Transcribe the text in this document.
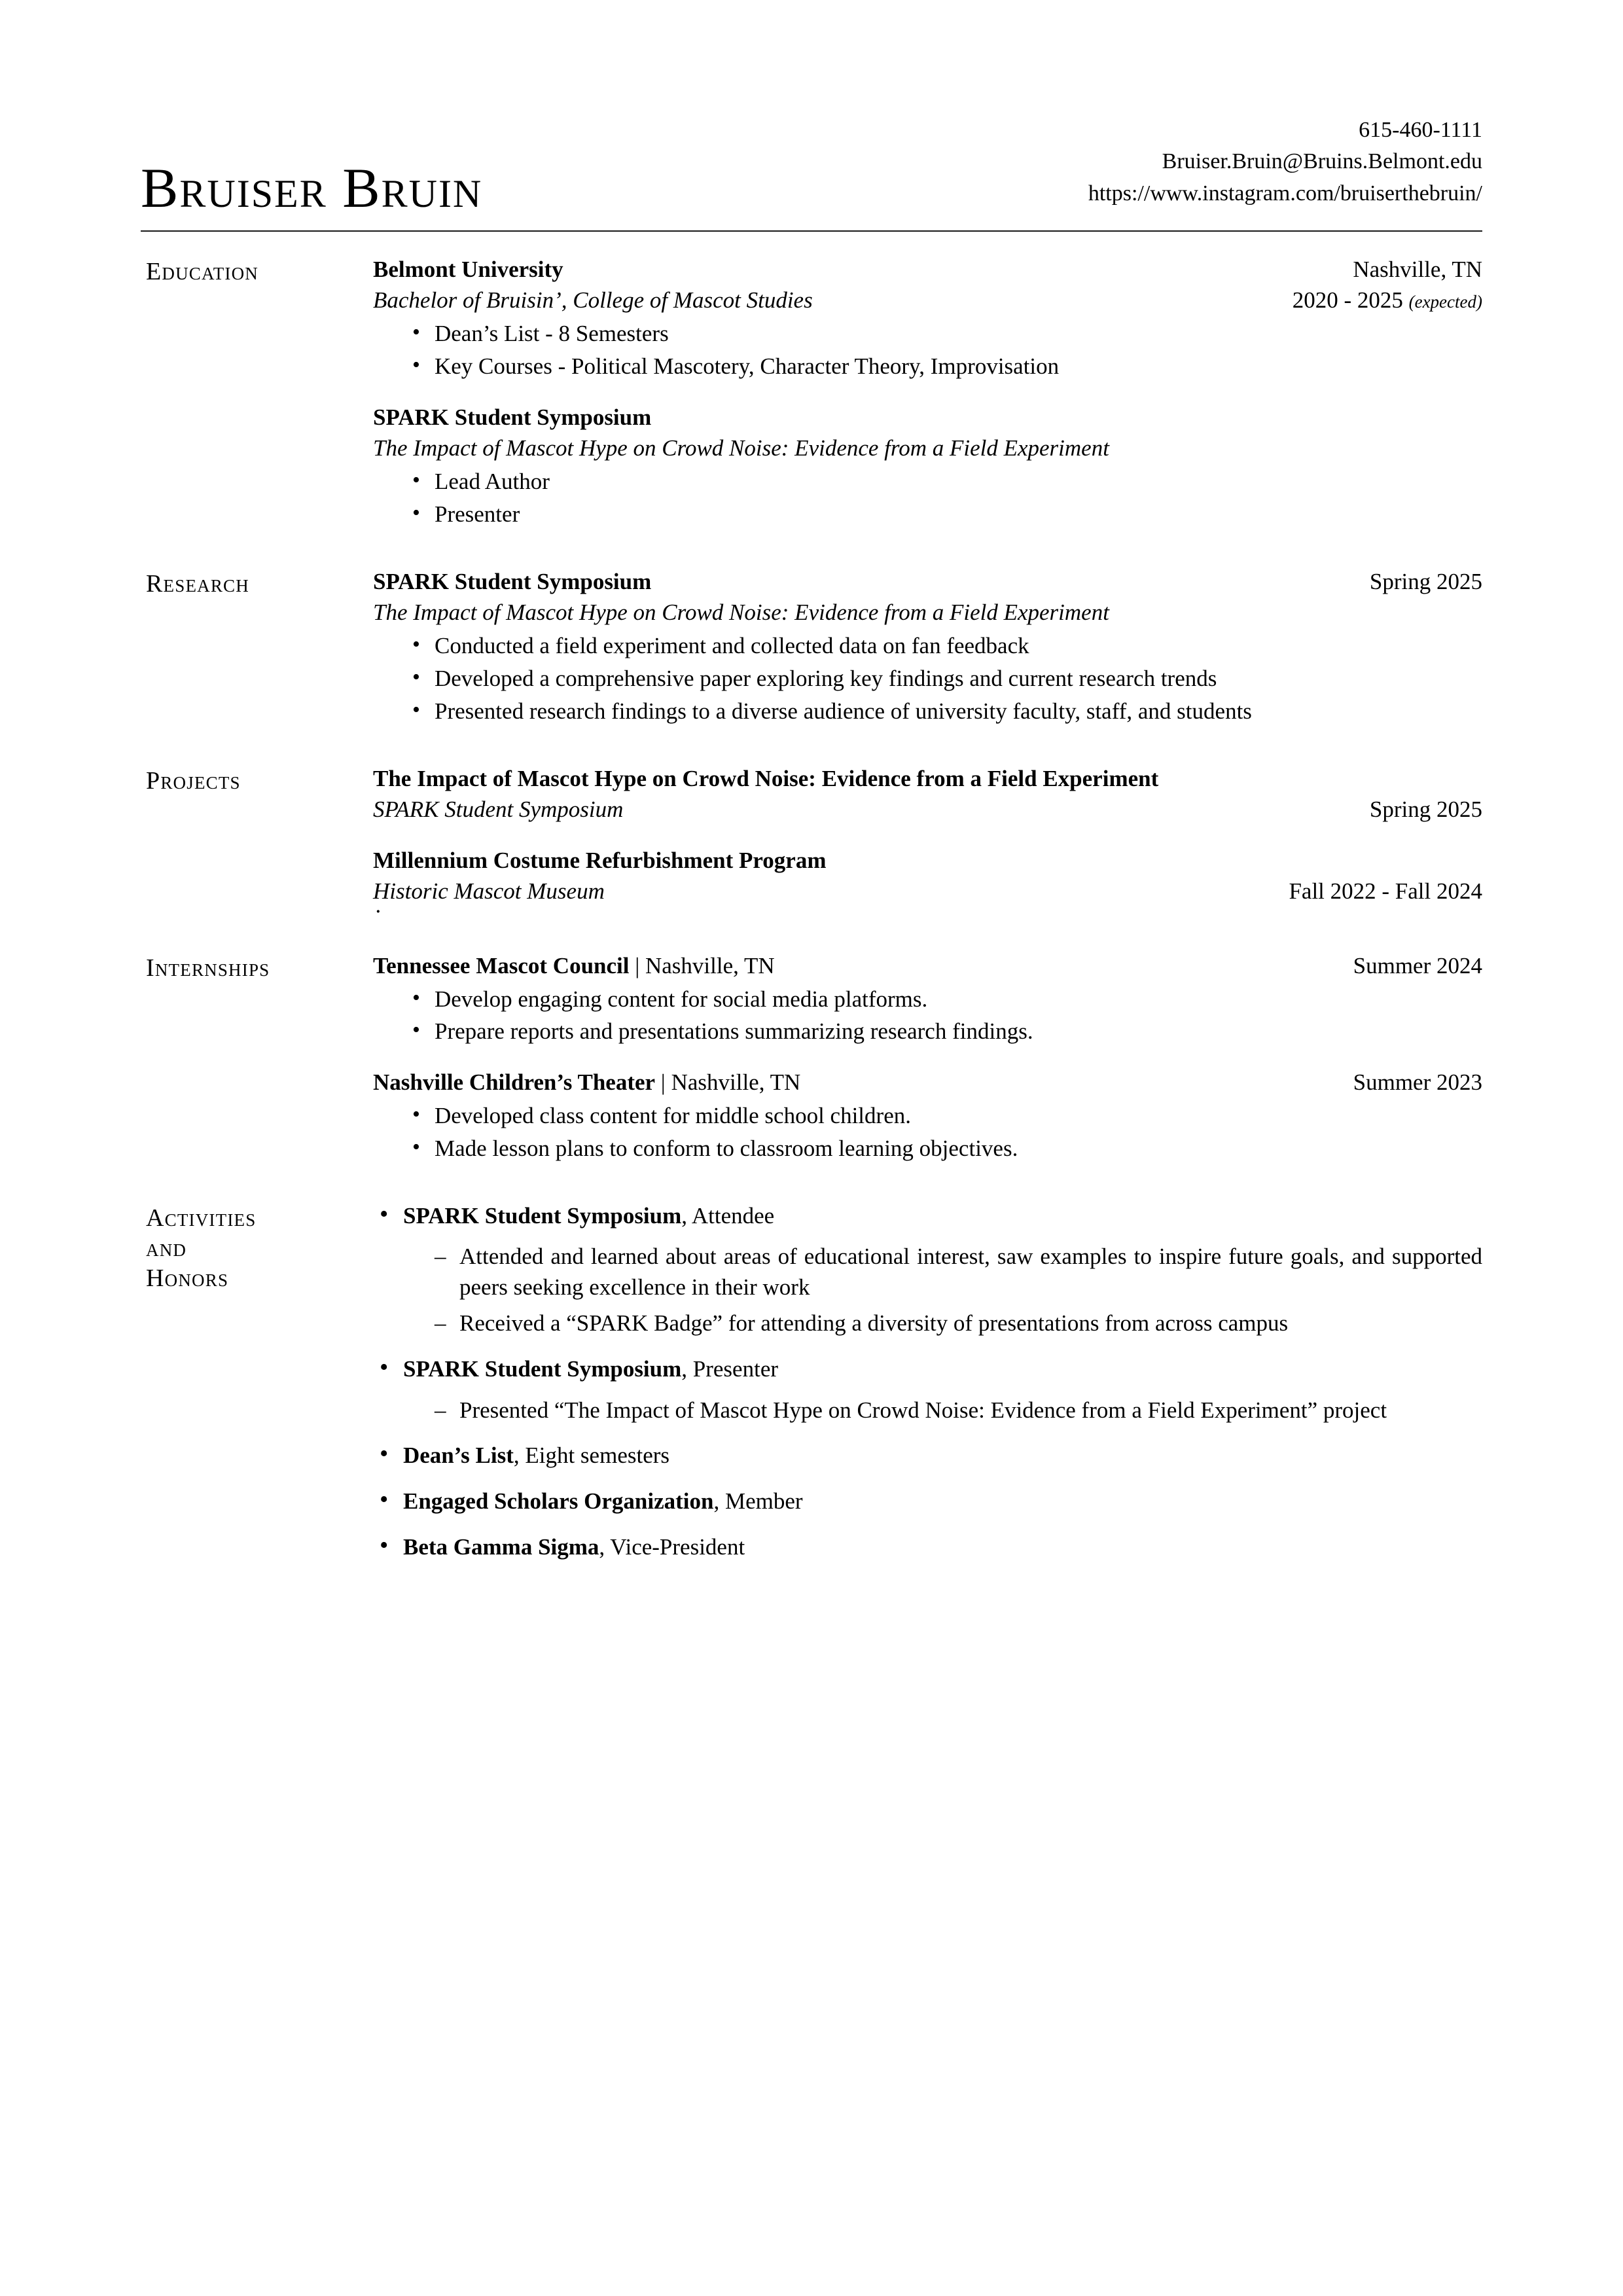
Bruiser Bruin
615-460-1111
Bruiser.Bruin@Bruins.Belmont.edu
https://www.instagram.com/bruiserthebruin/
Education	Belmont University	Nashville, TN
Bachelor of Bruisin’, College of Mascot Studies	2020 - 2025 (expected)
• Dean’s List - 8 Semesters
• Key Courses - Political Mascotery, Character Theory, Improvisation
SPARK Student Symposium
The Impact of Mascot Hype on Crowd Noise: Evidence from a Field Experiment
• Lead Author
• Presenter
Research	SPARK Student Symposium	Spring 2025
The Impact of Mascot Hype on Crowd Noise: Evidence from a Field Experiment
• Conducted a field experiment and collected data on fan feedback
• Developed a comprehensive paper exploring key findings and current research trends
• Presented research findings to a diverse audience of university faculty, staff, and students
Projects	The Impact of Mascot Hype on Crowd Noise: Evidence from a Field Experiment
SPARK Student Symposium	Spring 2025
Millennium Costume Refurbishment Program
Historic Mascot Museum	Fall 2022 - Fall 2024
·
Internships	Tennessee Mascot Council | Nashville, TN	Summer 2024
• Develop engaging content for social media platforms.
• Prepare reports and presentations summarizing research findings.
Nashville Children’s Theater | Nashville, TN	Summer 2023
• Developed class content for middle school children.
• Made lesson plans to conform to classroom learning objectives.
Activities
and
Honors
• SPARK Student Symposium, Attendee
– Attended and learned about areas of educational interest, saw examples to inspire future goals, and supported peers seeking excellence in their work
– Received a “SPARK Badge” for attending a diversity of presentations from across campus
• SPARK Student Symposium, Presenter
– Presented “The Impact of Mascot Hype on Crowd Noise: Evidence from a Field Experiment” project
• Dean’s List, Eight semesters
• Engaged Scholars Organization, Member
• Beta Gamma Sigma, Vice-President
